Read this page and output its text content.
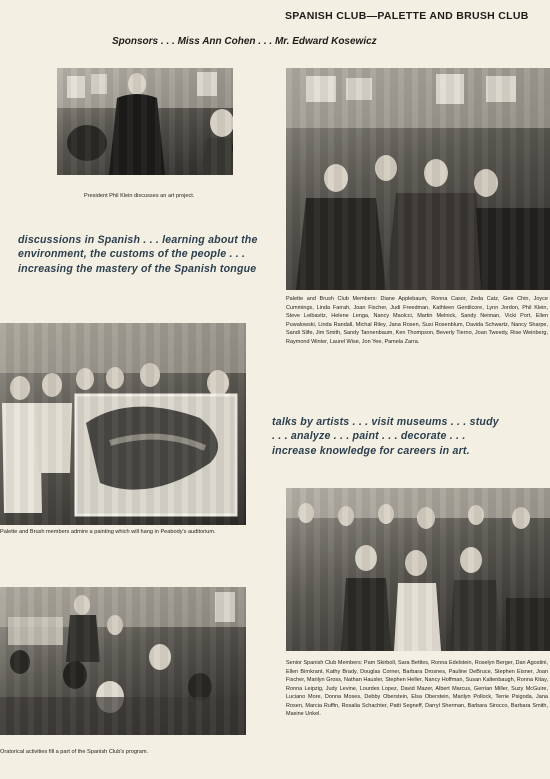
SPANISH CLUB—PALETTE AND BRUSH CLUB
Sponsors . . . Miss Ann Cohen . . . Mr. Edward Kosewicz
President Phil Klein discusses an art project.
discussions in Spanish . . . learning about the
environment, the customs of the people . . .
increasing the mastery of the Spanish tongue
Palette and Brush Club Members: Diane Applebaum, Ronna Casor, Zeda Catz, Gee Chin, Joyce Cummings, Linda Farrah, Joan Fischer, Judi Freedman, Kathleen Gentilcore, Lynn Jordon, Phil Klein, Steve Leibavitz, Helene Lenga, Nancy Maolcci, Martin Melnick, Sandy Neiman, Vicki Port, Ellen Puwalowski, Linda Randall, Michal Riley, Jana Rosen, Susi Rosenblum, Davida Schwartz, Nancy Sharpe, Sandi Slife, Jim Smith, Sandy Tannenbaum, Ken Thompson, Beverly Tierno, Joan Tweedy, Rise Weinberg, Raymond Winter, Laurel Wise, Jon Yee, Pamela Zarra.
Palette and Brush members admire a painting which will hang in Peabody's auditorium.
talks by artists . . . visit museums . . . study
. . . analyze . . . paint . . . decorate . . .
increase knowledge for careers in art.
Oratorical activities fill a part of the Spanish Club's program.
Senior Spanish Club Members: Pam Skirboll, Sara Bettles, Ronna Edelstein, Roselyn Berger, Dan Agostini, Ellen Birnkrant, Kathy Brady, Douglas Corner, Barbara Drosnes, Pauline DeBruce, Stephen Eisner, Joan Fischer, Marilyn Gross, Nathan Hausler, Stephen Heller, Nancy Hoffman, Susan Kaltenbaugh, Ronna Kitay, Ronna Leipzig, Judy Levine, Lourdes Lopez, David Mazer, Albert Marcus, Gerrian Miller, Suzy McGuire, Luciano More, Donna Moses, Debby Oberstein, Elsa Oberstein, Marilyn Pollock, Terrie Psigoda, Jana Rosen, Marcia Ruffin, Rosalia Schachter, Patti Segneff, Darryl Sherman, Barbara Sirocco, Barbara Smith, Maxine Unkel.
